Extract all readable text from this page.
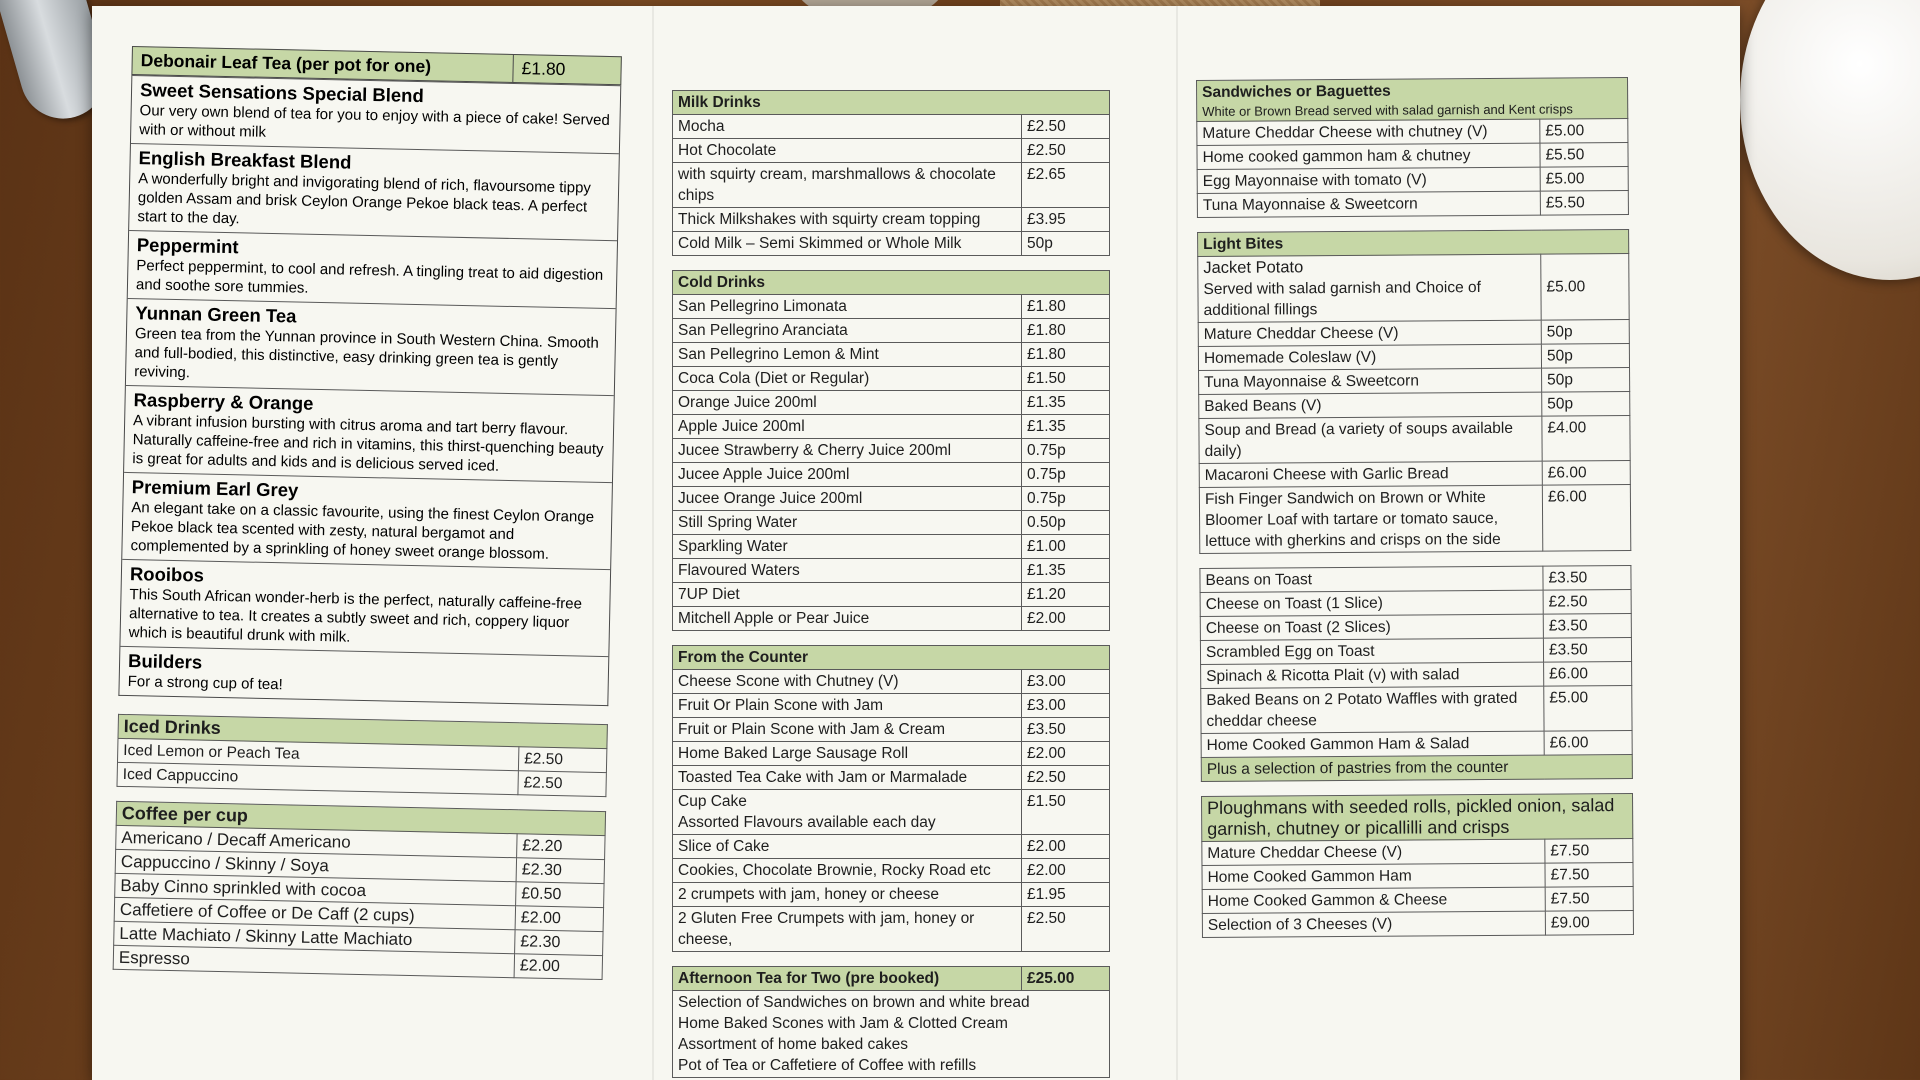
Debonair Leaf Tea (per pot for one)	£1.80
Sweet Sensations Special Blend
Our very own blend of tea for you to enjoy with a piece of cake! Served with or without milk
English Breakfast Blend
A wonderfully bright and invigorating blend of rich, flavoursome tippy golden Assam and brisk Ceylon Orange Pekoe black teas. A perfect start to the day.
Peppermint
Perfect peppermint, to cool and refresh. A tingling treat to aid digestion and soothe sore tummies.
Yunnan Green Tea
Green tea from the Yunnan province in South Western China. Smooth and full-bodied, this distinctive, easy drinking green tea is gently reviving.
Raspberry & Orange
A vibrant infusion bursting with citrus aroma and tart berry flavour. Naturally caffeine-free and rich in vitamins, this thirst-quenching beauty is great for adults and kids and is delicious served iced.
Premium Earl Grey
An elegant take on a classic favourite, using the finest Ceylon Orange Pekoe black tea scented with zesty, natural bergamot and complemented by a sprinkling of honey sweet orange blossom.
Rooibos
This South African wonder-herb is the perfect, naturally caffeine-free alternative to tea. It creates a subtly sweet and rich, coppery liquor which is beautiful drunk with milk.
Builders
For a strong cup of tea!
Iced Drinks	
Iced Lemon or Peach Tea	£2.50
Iced Cappuccino	£2.50
Coffee per cup	
Americano / Decaff Americano	£2.20
Cappuccino / Skinny / Soya	£2.30
Baby Cinno sprinkled with cocoa	£0.50
Caffetiere of Coffee or De Caff (2 cups)	£2.00
Latte Machiato / Skinny Latte Machiato	£2.30
Espresso	£2.00
Milk Drinks	
Mocha	£2.50
Hot Chocolate	£2.50
with squirty cream, marshmallows & chocolate chips	£2.65
Thick Milkshakes with squirty cream topping	£3.95
Cold Milk – Semi Skimmed or Whole Milk	50p
Cold Drinks	
San Pellegrino Limonata	£1.80
San Pellegrino Aranciata	£1.80
San Pellegrino Lemon & Mint	£1.80
Coca Cola (Diet or Regular)	£1.50
Orange Juice 200ml	£1.35
Apple Juice 200ml	£1.35
Jucee Strawberry & Cherry Juice 200ml	0.75p
Jucee Apple Juice 200ml	0.75p
Jucee Orange Juice 200ml	0.75p
Still Spring Water	0.50p
Sparkling Water	£1.00
Flavoured Waters	£1.35
7UP Diet	£1.20
Mitchell Apple or Pear Juice	£2.00
From the Counter	
Cheese Scone with Chutney (V)	£3.00
Fruit Or Plain Scone with Jam	£3.00
Fruit or Plain Scone with Jam & Cream	£3.50
Home Baked Large Sausage Roll	£2.00
Toasted Tea Cake with Jam or Marmalade	£2.50

Cup Cake
Assorted Flavours available each day	£1.50
Slice of Cake	£2.00
Cookies, Chocolate Brownie, Rocky Road etc	£2.00
2 crumpets with jam, honey or cheese	£1.95
2 Gluten Free Crumpets with jam, honey or cheese,	£2.50
Afternoon Tea for Two (pre booked)	£25.00

Selection of Sandwiches on brown and white bread
Home Baked Scones with Jam & Clotted Cream
Assortment of home baked cakes
Pot of Tea or Caffetiere of Coffee with refills
Sandwiches or Baguettes
White or Brown Bread served with salad garnish and Kent crisps	

Mature Cheddar Cheese with chutney (V)	£5.00
Home cooked gammon ham & chutney	£5.50
Egg Mayonnaise with tomato (V)	£5.00
Tuna Mayonnaise & Sweetcorn	£5.50
Light Bites	

Jacket Potato
Served with salad garnish and Choice of additional fillings	£5.00
Mature Cheddar Cheese (V)	50p
Homemade Coleslaw (V)	50p
Tuna Mayonnaise & Sweetcorn	50p
Baked Beans (V)	50p
Soup and Bread (a variety of soups available daily)	£4.00
Macaroni Cheese with Garlic Bread	£6.00
Fish Finger Sandwich on Brown or White Bloomer Loaf with tartare or tomato sauce, lettuce with gherkins and crisps on the side	£6.00
Beans on Toast	£3.50
Cheese on Toast (1 Slice)	£2.50
Cheese on Toast (2 Slices)	£3.50
Scrambled Egg on Toast	£3.50
Spinach & Ricotta Plait (v) with salad	£6.00
Baked Beans on 2 Potato Waffles with grated cheddar cheese	£5.00
Home Cooked Gammon Ham & Salad	£6.00
Plus a selection of pastries from the counter	
Ploughmans with seeded rolls, pickled onion, salad garnish, chutney or picallilli and crisps	
Mature Cheddar Cheese (V)	£7.50
Home Cooked Gammon Ham	£7.50
Home Cooked Gammon & Cheese	£7.50
Selection of 3 Cheeses (V)	£9.00
